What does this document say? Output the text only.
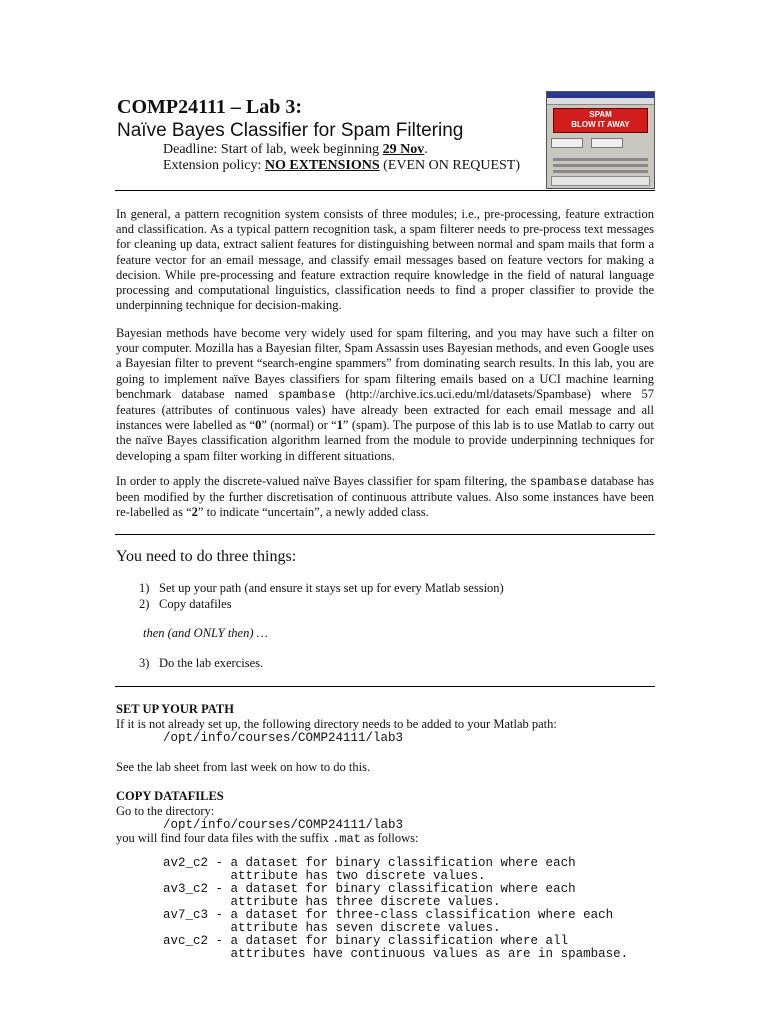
COMP24111 – Lab 3:
Naïve Bayes Classifier for Spam Filtering
Deadline: Start of lab, week beginning 29 Nov.
Extension policy: NO EXTENSIONS (EVEN ON REQUEST)
SPAM
BLOW IT AWAY

In general, a pattern recognition system consists of three modules; i.e., pre-processing, feature extraction and classification. As a typical pattern recognition task, a spam filterer needs to pre-process text messages for cleaning up data, extract salient features for distinguishing between normal and spam mails that form a feature vector for an email message, and classify email messages based on feature vectors for making a decision. While pre-processing and feature extraction require knowledge in the field of natural language processing and computational linguistics, classification needs to find a proper classifier to provide the underpinning technique for decision-making.

Bayesian methods have become very widely used for spam filtering, and you may have such a filter on your computer. Mozilla has a Bayesian filter, Spam Assassin uses Bayesian methods, and even Google uses a Bayesian filter to prevent “search-engine spammers” from dominating search results. In this lab, you are going to implement naïve Bayes classifiers for spam filtering emails based on a UCI machine learning benchmark database named spambase (http://archive.ics.uci.edu/ml/datasets/Spambase) where 57 features (attributes of continuous vales) have already been extracted for each email message and all instances were labelled as “0” (normal) or “1” (spam). The purpose of this lab is to use Matlab to carry out the naïve Bayes classification algorithm learned from the module to provide underpinning techniques for developing a spam filter working in different situations.

In order to apply the discrete-valued naïve Bayes classifier for spam filtering, the spambase database has been modified by the further discretisation of continuous attribute values. Also some instances have been re-labelled as “2” to indicate “uncertain”, a newly added class.

You need to do three things:
1) Set up your path (and ensure it stays set up for every Matlab session)
2) Copy datafiles
then (and ONLY then) …
3) Do the lab exercises.
SET UP YOUR PATH
If it is not already set up, the following directory needs to be added to your Matlab path:
/opt/info/courses/COMP24111/lab3
See the lab sheet from last week on how to do this.
COPY DATAFILES
Go to the directory:
/opt/info/courses/COMP24111/lab3
you will find four data files with the suffix .mat as follows:
av2_c2 - a dataset for binary classification where each
attribute has two discrete values.
av3_c2 - a dataset for binary classification where each
attribute has three discrete values.
av7_c3 - a dataset for three-class classification where each
attribute has seven discrete values.
avc_c2 - a dataset for binary classification where all
attributes have continuous values as are in spambase.
